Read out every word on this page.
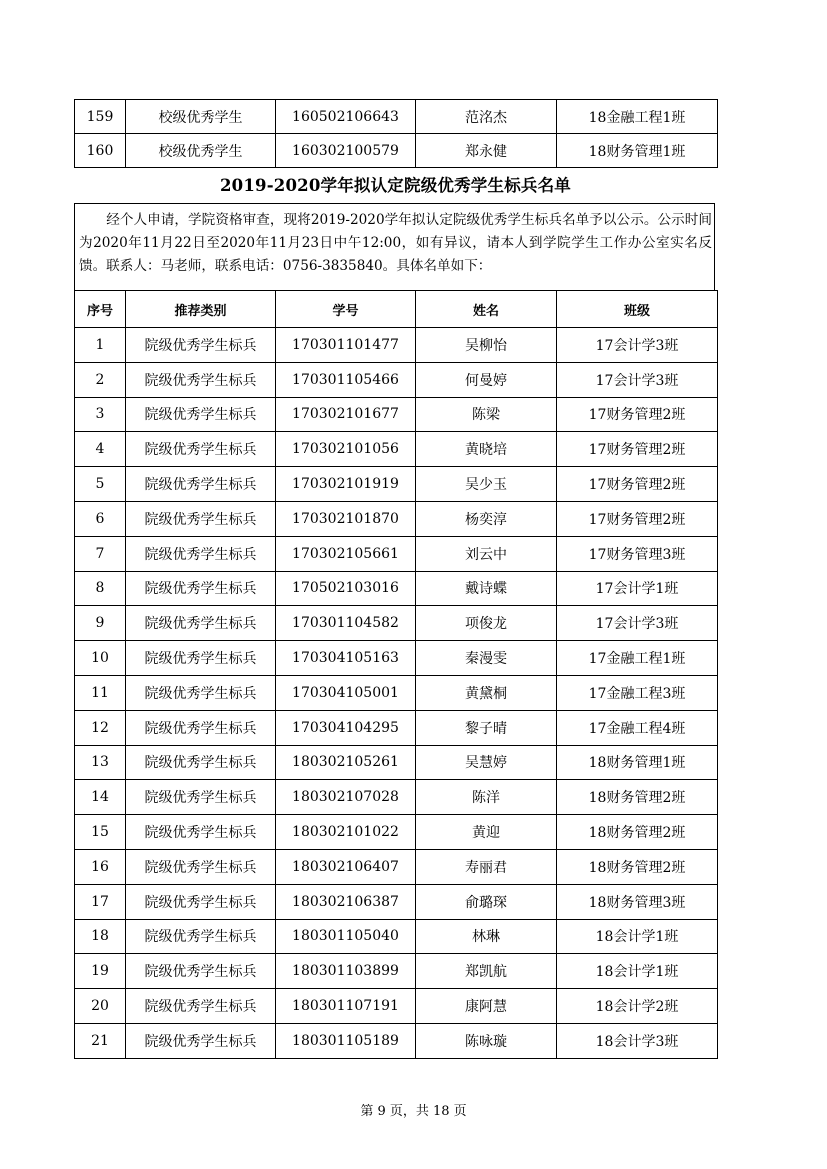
159	校级优秀学生	160502106643	范洺杰	18金融工程1班
160	校级优秀学生	160302100579	郑永健	18财务管理1班
2019-2020学年拟认定院级优秀学生标兵名单
经个人申请，学院资格审查，现将2019-2020学年拟认定院级优秀学生标兵名单予以公示。公示时间为2020年11月22日至2020年11月23日中午12:00，如有异议，请本人到学院学生工作办公室实名反馈。联系人：马老师，联系电话：0756-3835840。具体名单如下：
序号	推荐类别	学号	姓名	班级
1	院级优秀学生标兵	170301101477	吴柳怡	17会计学3班
2	院级优秀学生标兵	170301105466	何曼婷	17会计学3班
3	院级优秀学生标兵	170302101677	陈梁	17财务管理2班
4	院级优秀学生标兵	170302101056	黄晓培	17财务管理2班
5	院级优秀学生标兵	170302101919	吴少玉	17财务管理2班
6	院级优秀学生标兵	170302101870	杨奕淳	17财务管理2班
7	院级优秀学生标兵	170302105661	刘云中	17财务管理3班
8	院级优秀学生标兵	170502103016	戴诗蝶	17会计学1班
9	院级优秀学生标兵	170301104582	项俊龙	17会计学3班
10	院级优秀学生标兵	170304105163	秦漫雯	17金融工程1班
11	院级优秀学生标兵	170304105001	黄黛桐	17金融工程3班
12	院级优秀学生标兵	170304104295	黎子晴	17金融工程4班
13	院级优秀学生标兵	180302105261	吴慧婷	18财务管理1班
14	院级优秀学生标兵	180302107028	陈洋	18财务管理2班
15	院级优秀学生标兵	180302101022	黄迎	18财务管理2班
16	院级优秀学生标兵	180302106407	寿丽君	18财务管理2班
17	院级优秀学生标兵	180302106387	俞璐琛	18财务管理3班
18	院级优秀学生标兵	180301105040	林琳	18会计学1班
19	院级优秀学生标兵	180301103899	郑凯航	18会计学1班
20	院级优秀学生标兵	180301107191	康阿慧	18会计学2班
21	院级优秀学生标兵	180301105189	陈咏璇	18会计学3班
第 9 页，共 18 页
